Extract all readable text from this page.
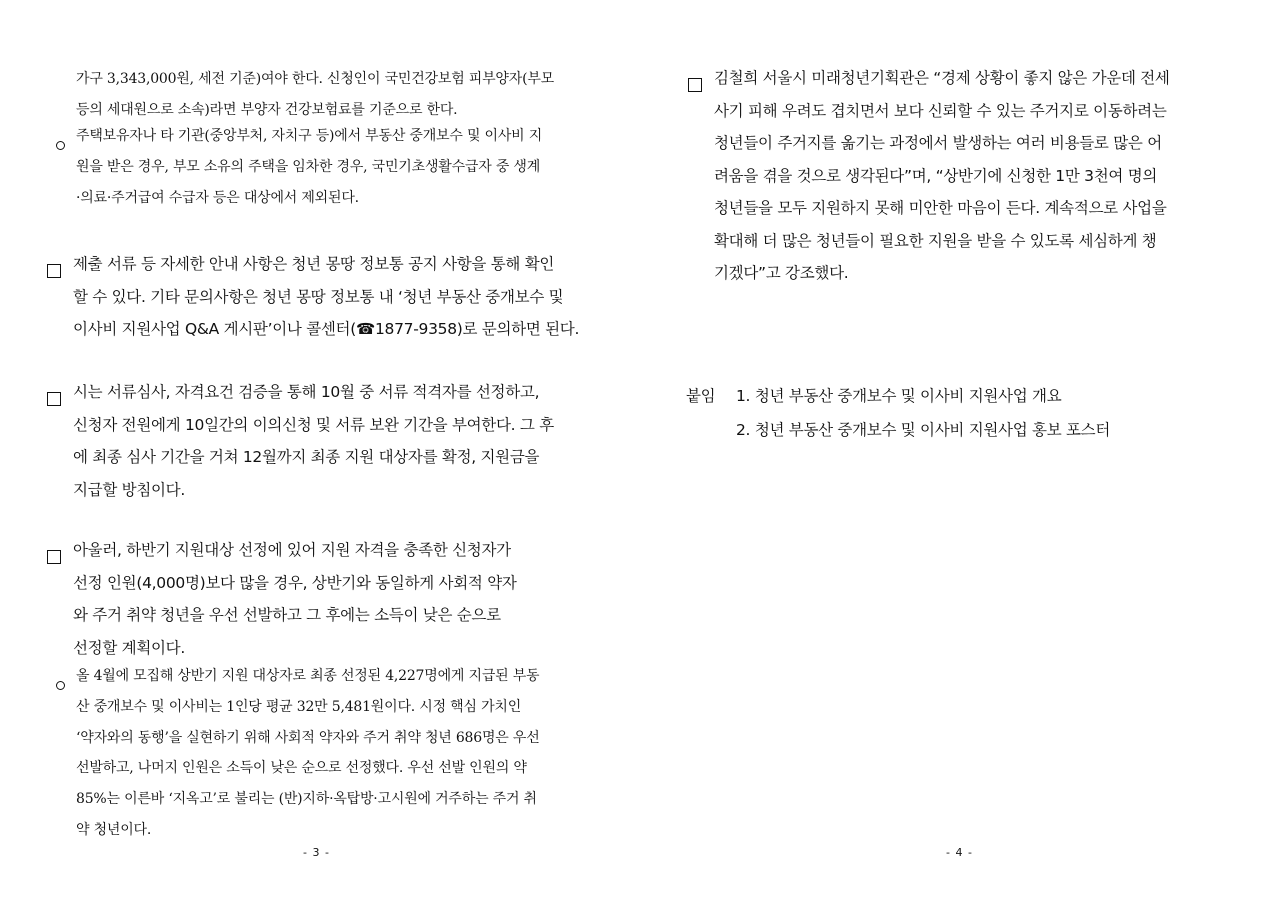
가구 3,343,000원, 세전 기준)여야 한다. 신청인이 국민건강보험 피부양자(부모
등의 세대원으로 소속)라면 부양자 건강보험료를 기준으로 한다.
주택보유자나 타 기관(중앙부처, 자치구 등)에서 부동산 중개보수 및 이사비 지
원을 받은 경우, 부모 소유의 주택을 임차한 경우, 국민기초생활수급자 중 생계
·의료·주거급여 수급자 등은 대상에서 제외된다.
제출 서류 등 자세한 안내 사항은 청년 몽땅 정보통 공지 사항을 통해 확인
할 수 있다. 기타 문의사항은 청년 몽땅 정보통 내 ‘청년 부동산 중개보수 및
이사비 지원사업 Q&A 게시판’이나 콜센터(☎1877-9358)로 문의하면 된다.
시는 서류심사, 자격요건 검증을 통해 10월 중 서류 적격자를 선정하고,
신청자 전원에게 10일간의 이의신청 및 서류 보완 기간을 부여한다. 그 후
에 최종 심사 기간을 거쳐 12월까지 최종 지원 대상자를 확정, 지원금을
지급할 방침이다.
아울러, 하반기 지원대상 선정에 있어 지원 자격을 충족한 신청자가
선정 인원(4,000명)보다 많을 경우, 상반기와 동일하게 사회적 약자
와 주거 취약 청년을 우선 선발하고 그 후에는 소득이 낮은 순으로
선정할 계획이다.
올 4월에 모집해 상반기 지원 대상자로 최종 선정된 4,227명에게 지급된 부동
산 중개보수 및 이사비는 1인당 평균 32만 5,481원이다. 시정 핵심 가치인
‘약자와의 동행’을 실현하기 위해 사회적 약자와 주거 취약 청년 686명은 우선
선발하고, 나머지 인원은 소득이 낮은 순으로 선정했다. 우선 선발 인원의 약
85%는 이른바 ‘지옥고’로 불리는 (반)지하·옥탑방·고시원에 거주하는 주거 취
약 청년이다.
- 3 -
김철희 서울시 미래청년기획관은 “경제 상황이 좋지 않은 가운데 전세
사기 피해 우려도 겹치면서 보다 신뢰할 수 있는 주거지로 이동하려는
청년들이 주거지를 옮기는 과정에서 발생하는 여러 비용들로 많은 어
려움을 겪을 것으로 생각된다”며, “상반기에 신청한 1만 3천여 명의
청년들을 모두 지원하지 못해 미안한 마음이 든다. 계속적으로 사업을
확대해 더 많은 청년들이 필요한 지원을 받을 수 있도록 세심하게 챙
기겠다”고 강조했다.
붙임 1. 청년 부동산 중개보수 및 이사비 지원사업 개요
2. 청년 부동산 중개보수 및 이사비 지원사업 홍보 포스터
- 4 -
